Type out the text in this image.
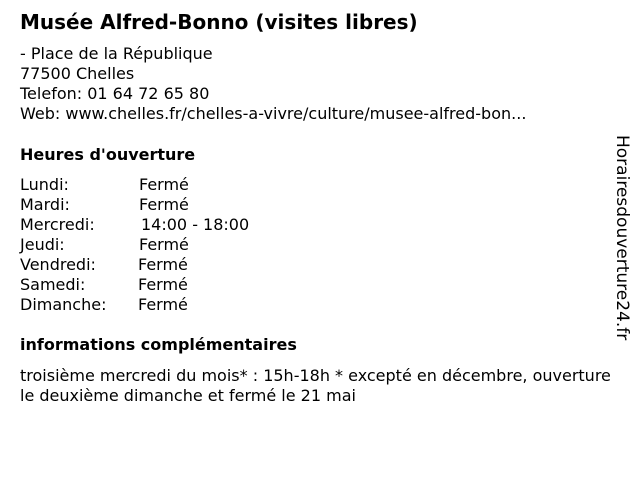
Musée Alfred-Bonno (visites libres)
- Place de la République
77500 Chelles
Telefon: 01 64 72 65 80
Web: www.chelles.fr/chelles-a-vivre/culture/musee-alfred-bon...
Heures d'ouverture
Lundi:	Fermé
Mardi:	Fermé
Mercredi:	14:00 - 18:00
Jeudi:	Fermé
Vendredi:	Fermé
Samedi:	Fermé
Dimanche:	Fermé
informations complémentaires
troisième mercredi du mois* : 15h-18h * excepté en décembre, ouverture le deuxième dimanche et fermé le 21 mai
Horairesdouverture24.fr
